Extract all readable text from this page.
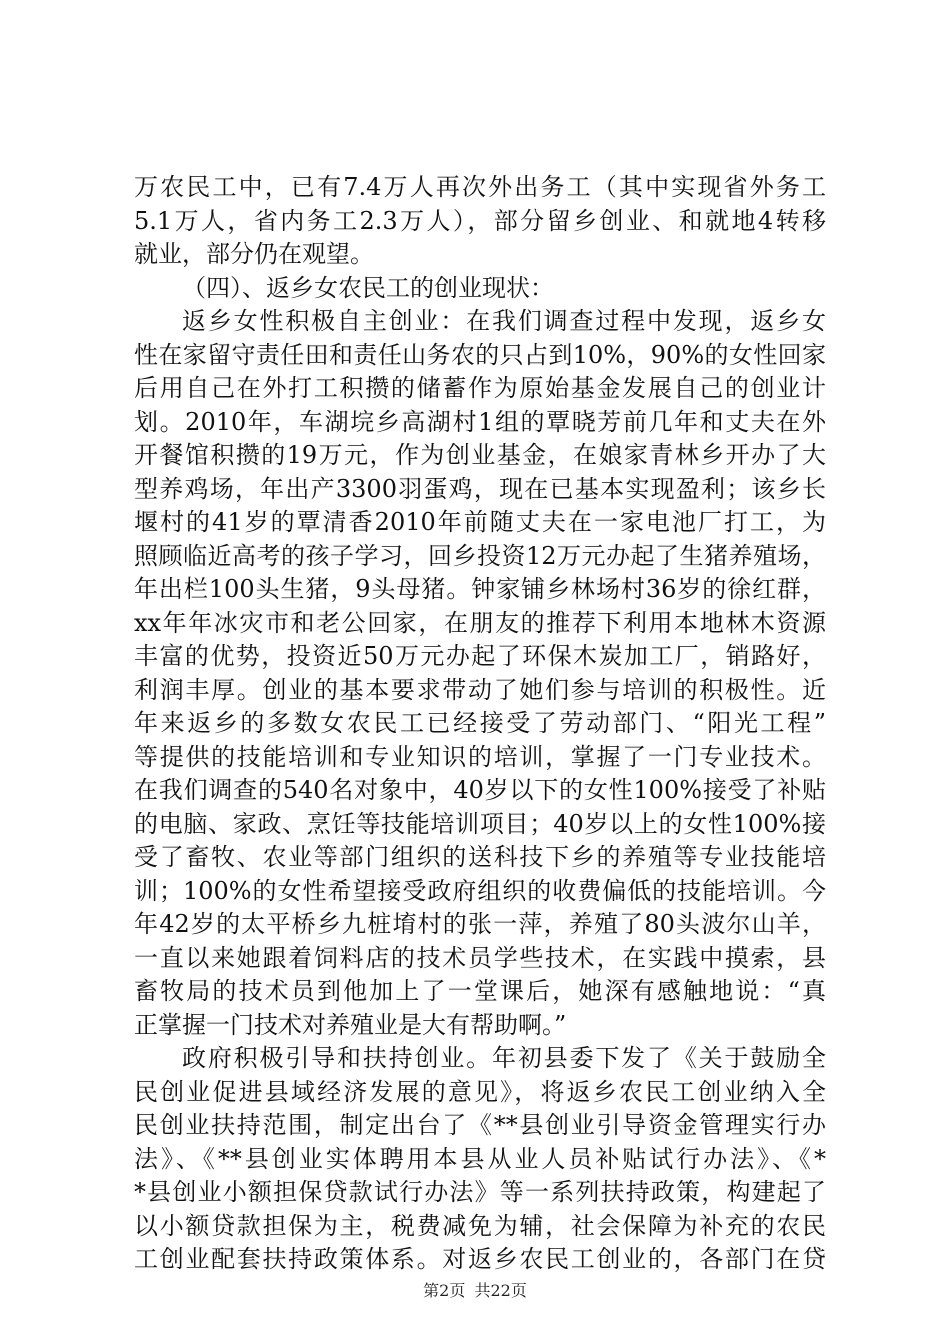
万农民工中，已有7.4万人再次外出务工（其中实现省外务工
5.1万人，省内务工2.3万人），部分留乡创业、和就地4转移
就业，部分仍在观望。
（四）、返乡女农民工的创业现状：
返乡女性积极自主创业：在我们调查过程中发现，返乡女
性在家留守责任田和责任山务农的只占到10%，90%的女性回家
后用自己在外打工积攒的储蓄作为原始基金发展自己的创业计
划。2010年，车湖垸乡高湖村1组的覃晓芳前几年和丈夫在外
开餐馆积攒的19万元，作为创业基金，在娘家青林乡开办了大
型养鸡场，年出产3300羽蛋鸡，现在已基本实现盈利；该乡长
堰村的41岁的覃清香2010年前随丈夫在一家电池厂打工，为
照顾临近高考的孩子学习，回乡投资12万元办起了生猪养殖场，
年出栏100头生猪，9头母猪。钟家铺乡林场村36岁的徐红群，
xx年年冰灾市和老公回家，在朋友的推荐下利用本地林木资源
丰富的优势，投资近50万元办起了环保木炭加工厂，销路好，
利润丰厚。创业的基本要求带动了她们参与培训的积极性。近
年来返乡的多数女农民工已经接受了劳动部门、“阳光工程”
等提供的技能培训和专业知识的培训，掌握了一门专业技术。
在我们调查的540名对象中，40岁以下的女性100%接受了补贴
的电脑、家政、烹饪等技能培训项目；40岁以上的女性100%接
受了畜牧、农业等部门组织的送科技下乡的养殖等专业技能培
训；100%的女性希望接受政府组织的收费偏低的技能培训。今
年42岁的太平桥乡九桩堉村的张一萍，养殖了80头波尔山羊，
一直以来她跟着饲料店的技术员学些技术，在实践中摸索，县
畜牧局的技术员到他加上了一堂课后，她深有感触地说：“真
正掌握一门技术对养殖业是大有帮助啊。”
政府积极引导和扶持创业。年初县委下发了《关于鼓励全
民创业促进县域经济发展的意见》，将返乡农民工创业纳入全
民创业扶持范围，制定出台了《**县创业引导资金管理实行办
法》、《**县创业实体聘用本县从业人员补贴试行办法》、《*
*县创业小额担保贷款试行办法》等一系列扶持政策，构建起了
以小额贷款担保为主，税费减免为辅，社会保障为补充的农民
工创业配套扶持政策体系。对返乡农民工创业的，各部门在贷
第2页 共22页
